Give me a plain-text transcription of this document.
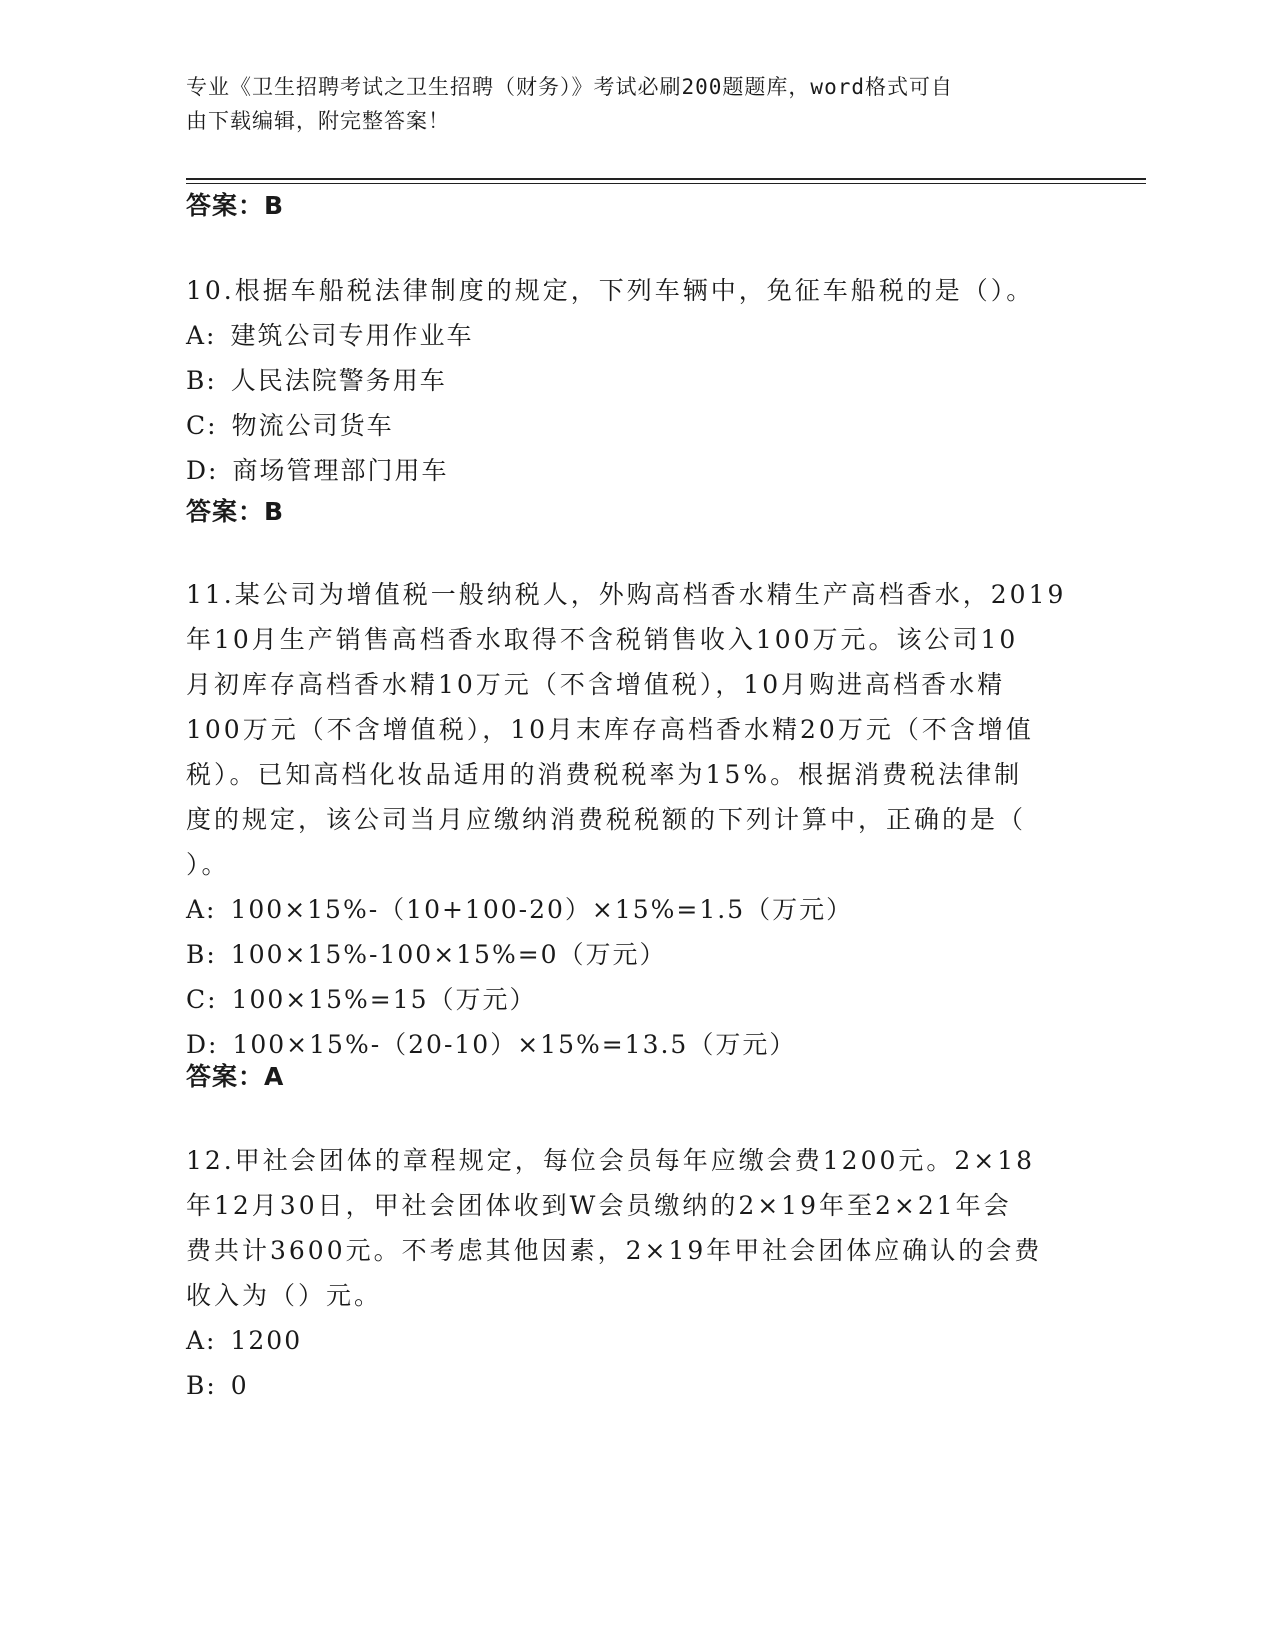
专业《卫生招聘考试之卫生招聘（财务）》考试必刷200题题库，word格式可自
由下载编辑，附完整答案！
答案：B

10.根据车船税法律制度的规定，下列车辆中，免征车船税的是（）。

A: 建筑公司专用作业车

B: 人民法院警务用车

C: 物流公司货车

D: 商场管理部门用车

答案：B

11.某公司为增值税一般纳税人，外购高档香水精生产高档香水，2019

年10月生产销售高档香水取得不含税销售收入100万元。该公司10

月初库存高档香水精10万元（不含增值税），10月购进高档香水精

100万元（不含增值税），10月末库存高档香水精20万元（不含增值

税）。已知高档化妆品适用的消费税税率为15%。根据消费税法律制

度的规定，该公司当月应缴纳消费税税额的下列计算中，正确的是（

）。

A: 100×15%-（10+100-20）×15%=1.5（万元）

B: 100×15%-100×15%=0（万元）

C: 100×15%=15（万元）

D: 100×15%-（20-10）×15%=13.5（万元）

答案：A

12.甲社会团体的章程规定，每位会员每年应缴会费1200元。2×18

年12月30日，甲社会团体收到W会员缴纳的2×19年至2×21年会

费共计3600元。不考虑其他因素，2×19年甲社会团体应确认的会费

收入为（）元。

A: 1200

B: 0
